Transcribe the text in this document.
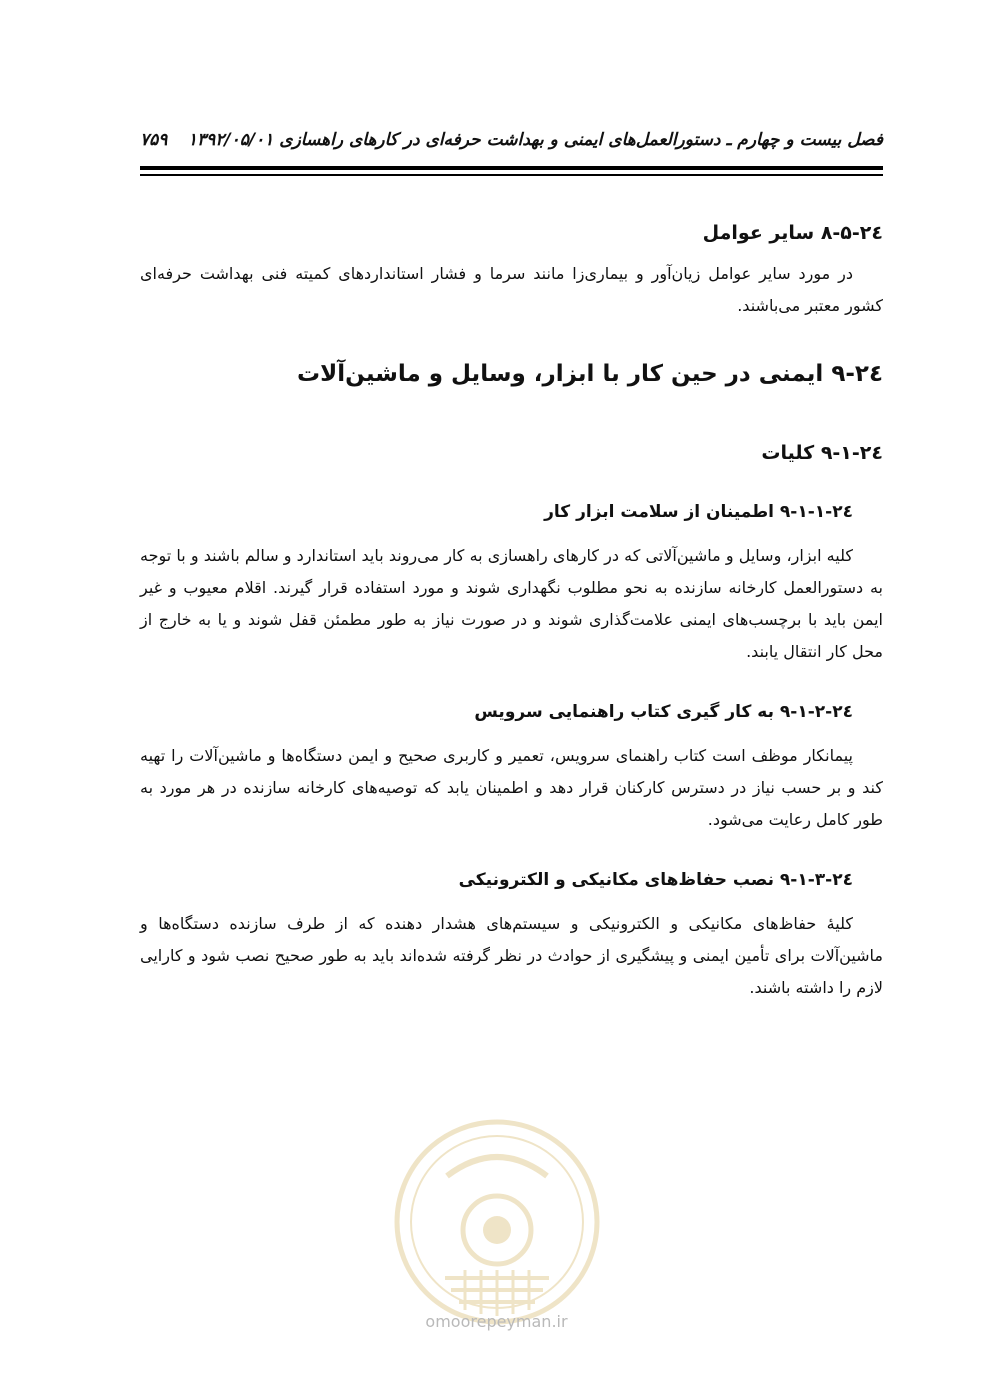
فصل بیست و چهارم ـ دستورالعمل‌های ایمنی و بهداشت حرفه‌ای در کارهای راهسازی ۱۳۹۲/۰۵/۰۱
۷۵۹
۲٤-۸-۵ سایر عوامل

در مورد سایر عوامل زیان‌آور و بیماری‌زا مانند سرما و فشار استانداردهای کمیته فنی بهداشت حرفه‌ای کشور معتبر می‌باشند.

۲٤-۹ ایمنی در حین کار با ابزار، وسایل و ماشین‌آلات
۲٤-۹-۱ کلیات
۲٤-۹-۱-۱ اطمینان از سلامت ابزار کار

کلیه ابزار، وسایل و ماشین‌آلاتی که در کارهای راهسازی به کار می‌روند باید استاندارد و سالم باشند و با توجه به دستورالعمل کارخانه سازنده به نحو مطلوب نگهداری شوند و مورد استفاده قرار گیرند. اقلام معیوب و غیر ایمن باید با برچسب‌های ایمنی علامت‌گذاری شوند و در صورت نیاز به طور مطمئن قفل شوند و یا به خارج از محل کار انتقال یابند.

۲٤-۹-۱-۲ به کار گیری کتاب راهنمایی سرویس

پیمانکار موظف است کتاب راهنمای سرویس، تعمیر و کاربری صحیح و ایمن دستگاه‌ها و ماشین‌آلات را تهیه کند و بر حسب نیاز در دسترس کارکنان قرار دهد و اطمینان یابد که توصیه‌های کارخانه سازنده در هر مورد به طور کامل رعایت می‌شود.

۲٤-۹-۱-۳ نصب حفاظ‌های مکانیکی و الکترونیکی

کلیهٔ حفاظ‌های مکانیکی و الکترونیکی و سیستم‌های هشدار دهنده که از طرف سازنده دستگاه‌ها و ماشین‌آلات برای تأمین ایمنی و پیشگیری از حوادث در نظر گرفته شده‌اند باید به طور صحیح نصب شود و کارایی لازم را داشته باشند.

omoorepeyman.ir
